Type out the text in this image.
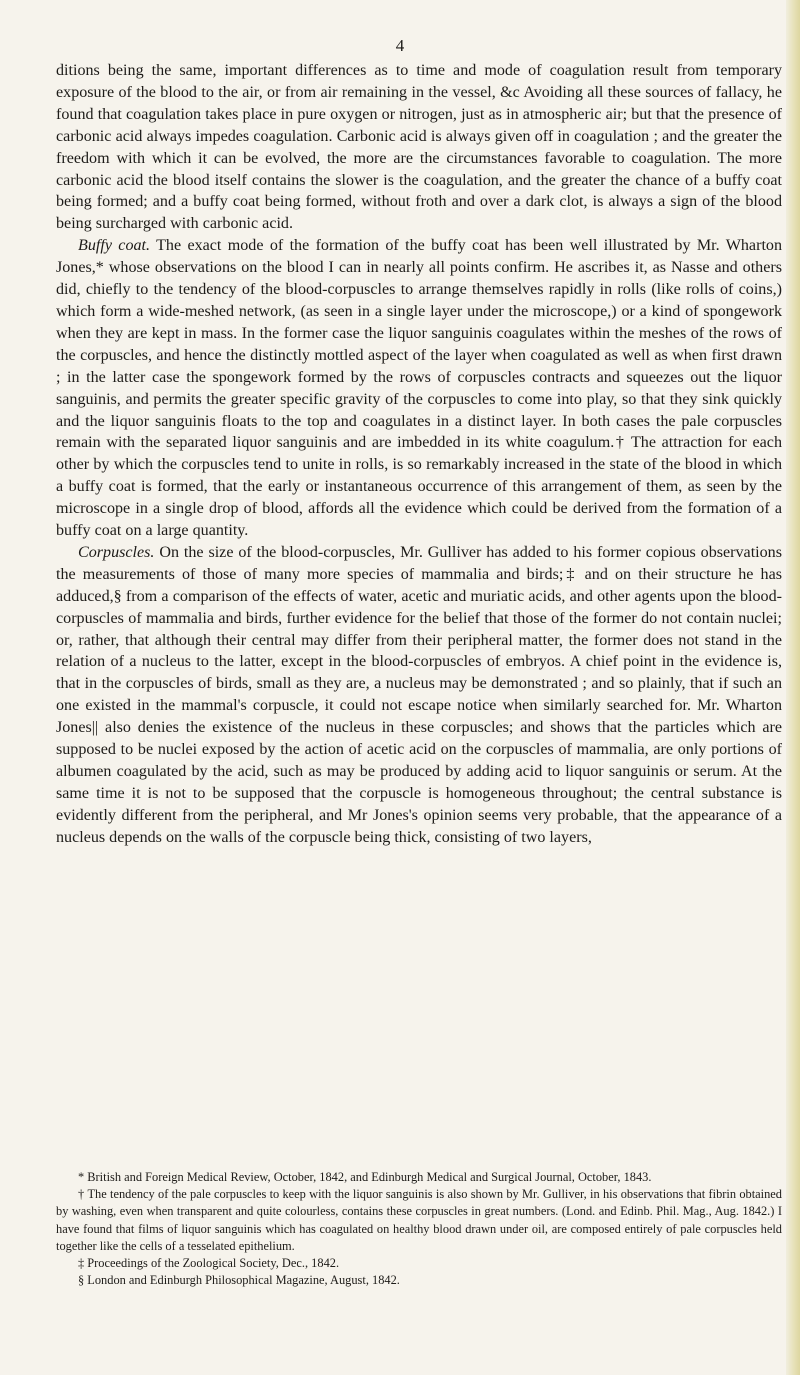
4

ditions being the same, important differences as to time and mode of coagulation result from temporary exposure of the blood to the air, or from air remaining in the vessel, &c Avoiding all these sources of fallacy, he found that coagulation takes place in pure oxygen or nitrogen, just as in atmospheric air; but that the presence of carbonic acid always impedes coagulation. Carbonic acid is always given off in coagulation ; and the greater the freedom with which it can be evolved, the more are the circumstances favorable to coagulation. The more carbonic acid the blood itself contains the slower is the coagulation, and the greater the chance of a buffy coat being formed; and a buffy coat being formed, without froth and over a dark clot, is always a sign of the blood being surcharged with carbonic acid.

Buffy coat. The exact mode of the formation of the buffy coat has been well illustrated by Mr. Wharton Jones,* whose observations on the blood I can in nearly all points confirm. He ascribes it, as Nasse and others did, chiefly to the tendency of the blood-corpuscles to arrange themselves rapidly in rolls (like rolls of coins,) which form a wide-meshed network, (as seen in a single layer under the microscope,) or a kind of spongework when they are kept in mass. In the former case the liquor sanguinis coagulates within the meshes of the rows of the corpuscles, and hence the distinctly mottled aspect of the layer when coagulated as well as when first drawn ; in the latter case the spongework formed by the rows of corpuscles contracts and squeezes out the liquor sanguinis, and permits the greater specific gravity of the corpuscles to come into play, so that they sink quickly and the liquor sanguinis floats to the top and coagulates in a distinct layer. In both cases the pale corpuscles remain with the separated liquor sanguinis and are imbedded in its white coagulum.† The attraction for each other by which the corpuscles tend to unite in rolls, is so remarkably increased in the state of the blood in which a buffy coat is formed, that the early or instantaneous occurrence of this arrangement of them, as seen by the microscope in a single drop of blood, affords all the evidence which could be derived from the formation of a buffy coat on a large quantity.

Corpuscles. On the size of the blood-corpuscles, Mr. Gulliver has added to his former copious observations the measurements of those of many more species of mammalia and birds;‡ and on their structure he has adduced,§ from a comparison of the effects of water, acetic and muriatic acids, and other agents upon the blood-corpuscles of mammalia and birds, further evidence for the belief that those of the former do not contain nuclei; or, rather, that although their central may differ from their peripheral matter, the former does not stand in the relation of a nucleus to the latter, except in the blood-corpuscles of embryos. A chief point in the evidence is, that in the corpuscles of birds, small as they are, a nucleus may be demonstrated ; and so plainly, that if such an one existed in the mammal's corpuscle, it could not escape notice when similarly searched for. Mr. Wharton Jones|| also denies the existence of the nucleus in these corpuscles; and shows that the particles which are supposed to be nuclei exposed by the action of acetic acid on the corpuscles of mammalia, are only portions of albumen coagulated by the acid, such as may be produced by adding acid to liquor sanguinis or serum. At the same time it is not to be supposed that the corpuscle is homogeneous throughout; the central substance is evidently different from the peripheral, and Mr Jones's opinion seems very probable, that the appearance of a nucleus depends on the walls of the corpuscle being thick, consisting of two layers,

* British and Foreign Medical Review, October, 1842, and Edinburgh Medical and Surgical Journal, October, 1843.

† The tendency of the pale corpuscles to keep with the liquor sanguinis is also shown by Mr. Gulliver, in his observations that fibrin obtained by washing, even when transparent and quite colourless, contains these corpuscles in great numbers. (Lond. and Edinb. Phil. Mag., Aug. 1842.) I have found that films of liquor sanguinis which has coagulated on healthy blood drawn under oil, are composed entirely of pale corpuscles held together like the cells of a tesselated epithelium.

‡ Proceedings of the Zoological Society, Dec., 1842.

§ London and Edinburgh Philosophical Magazine, August, 1842.
